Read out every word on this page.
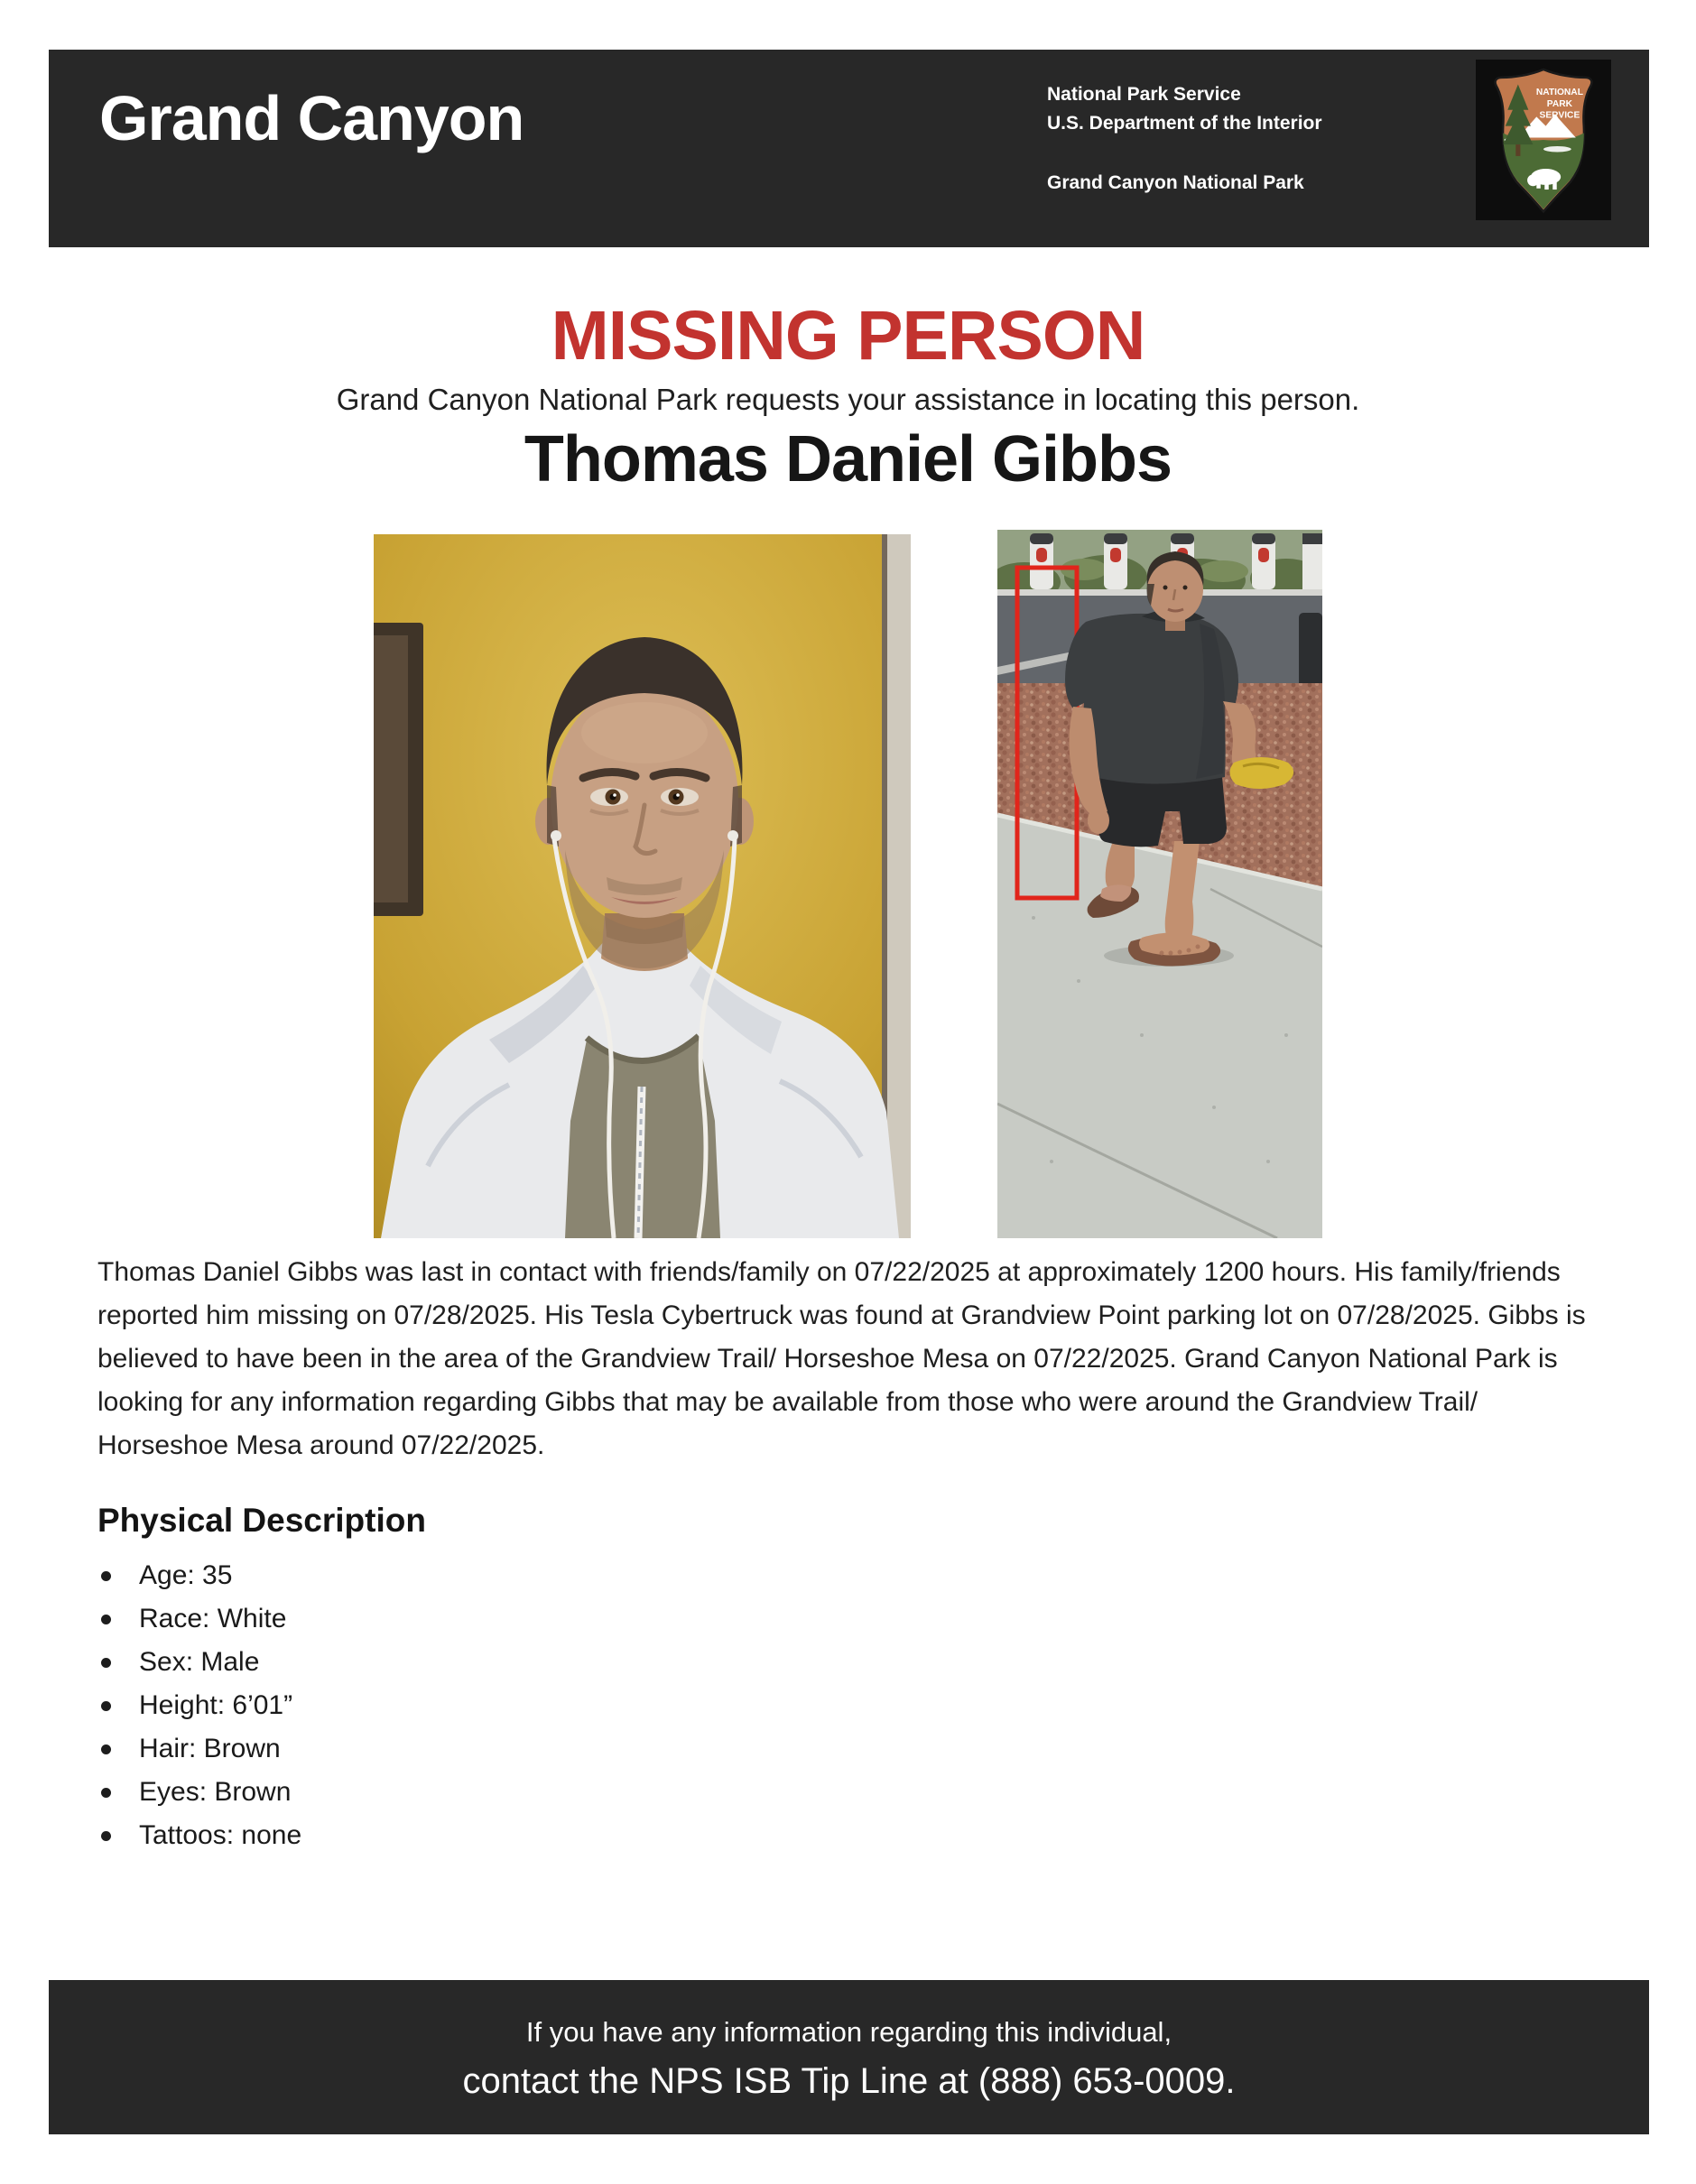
Grand Canyon	National Park Service
U.S. Department of the Interior
Grand Canyon National Park
NATIONAL
PARK
SERVICE
MISSING PERSON
Grand Canyon National Park requests your assistance in locating this person.
Thomas Daniel Gibbs

Thomas Daniel Gibbs was last in contact with friends/family on 07/22/2025 at approximately 1200 hours. His family/friends reported him missing on 07/28/2025. His Tesla Cybertruck was found at Grandview Point parking lot on 07/28/2025. Gibbs is believed to have been in the area of the Grandview Trail/ Horseshoe Mesa on 07/22/2025. Grand Canyon National Park is looking for any information regarding Gibbs that may be available from those who were around the Grandview Trail/ Horseshoe Mesa around 07/22/2025.

Physical Description
Age: 35
Race: White
Sex: Male
Height: 6’01”
Hair: Brown
Eyes: Brown
Tattoos: none
If you have any information regarding this individual,
contact the NPS ISB Tip Line at (888) 653-0009.
